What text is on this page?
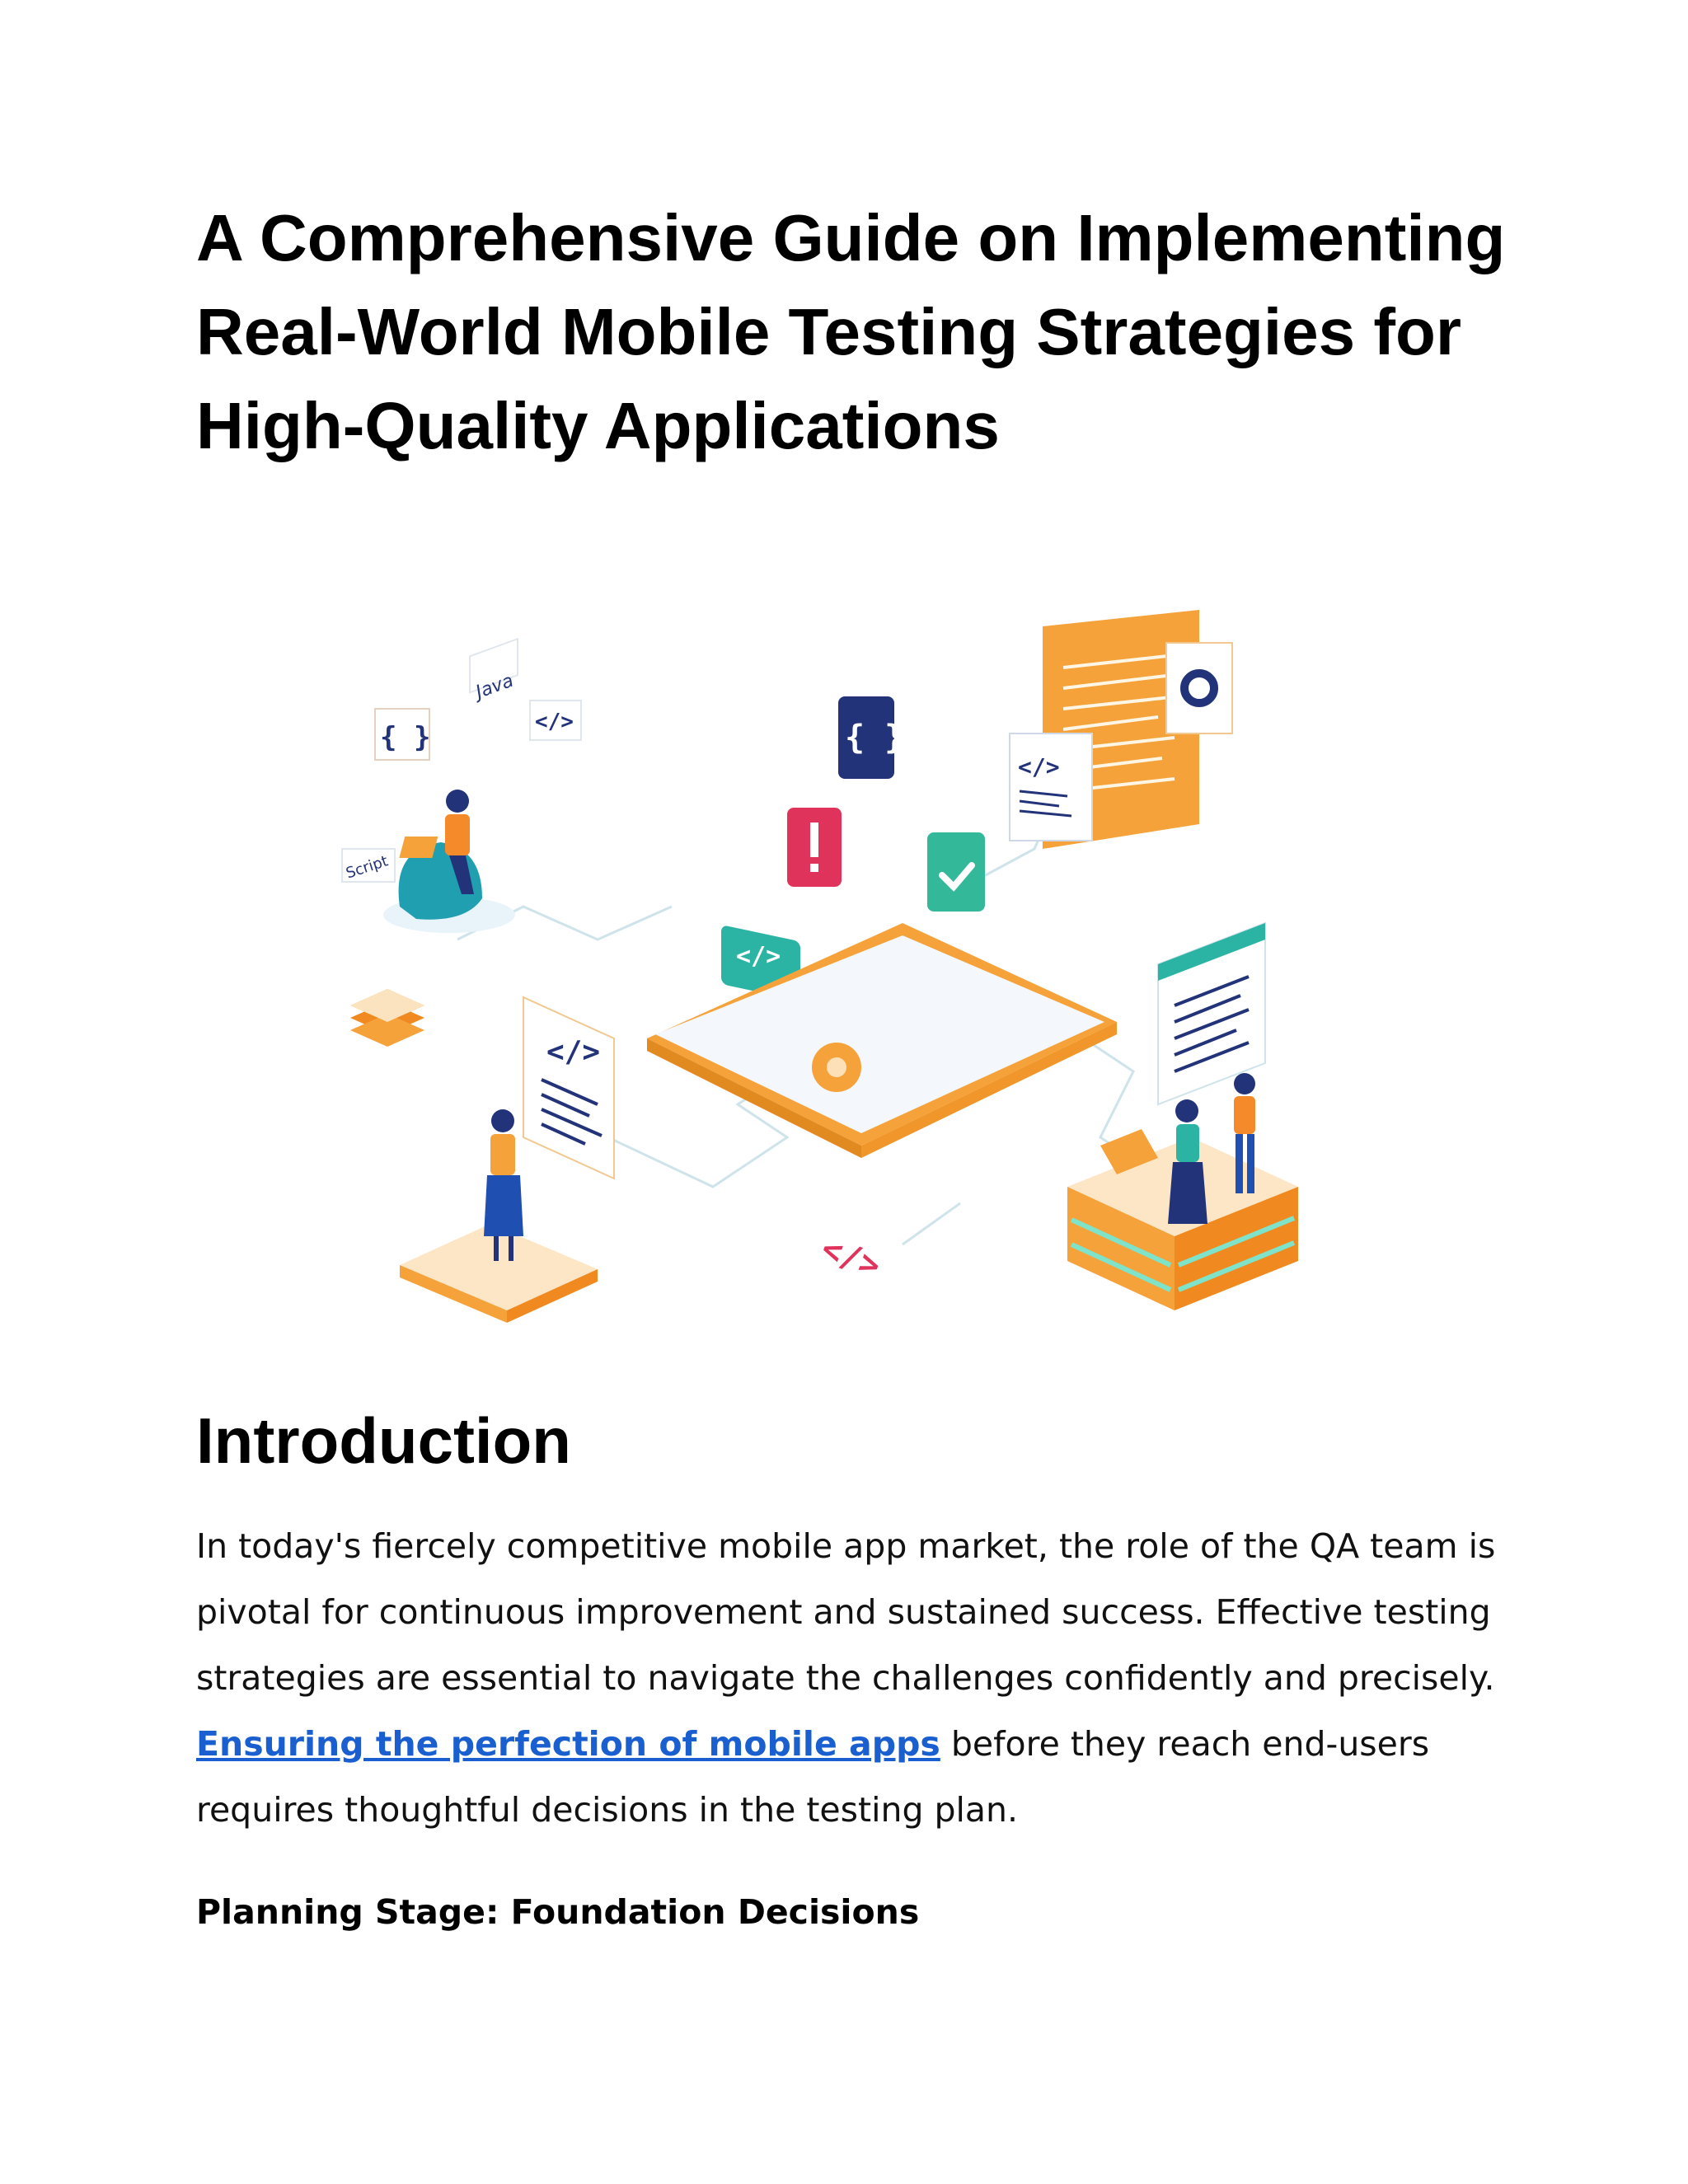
A Comprehensive Guide on Implementing Real-World Mobile Testing Strategies for High-Quality Applications
Java
{ }	</>
Script
{ }
</>
</>
</>
</>
Introduction

In today's fiercely competitive mobile app market, the role of the QA team is pivotal for continuous improvement and sustained success. Effective testing strategies are essential to navigate the challenges confidently and precisely. Ensuring the perfection of mobile apps before they reach end-users requires thoughtful decisions in the testing plan.

Planning Stage: Foundation Decisions
